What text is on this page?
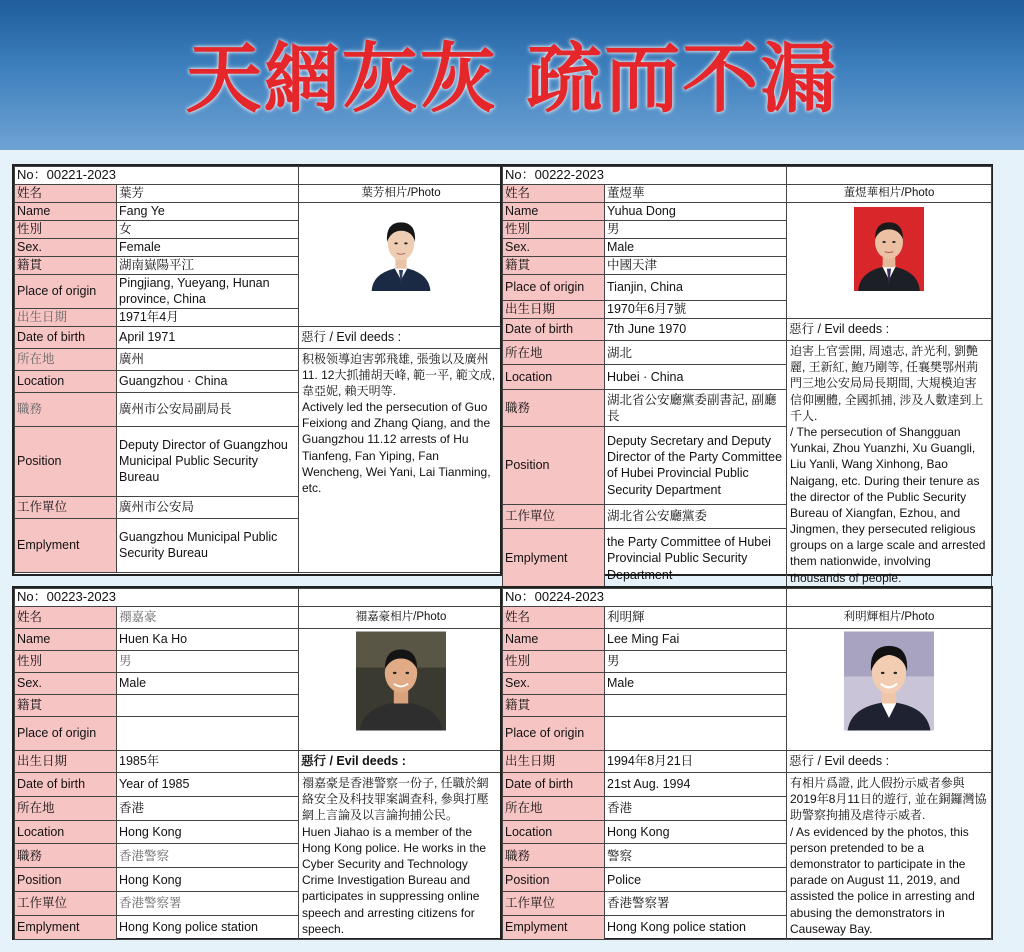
天網灰灰 疏而不漏
No：00221-2023		
姓名	葉芳	葉芳相片/Photo
Name	Fang Ye	
性別	女	
Sex.	Female	
籍貫	湖南嶽陽平江	
Place of origin	Pingjiang, Yueyang, Hunan province, China	
出生日期	1971年4月	
Date of birth	April 1971	惡行 / Evil deeds :
所在地	廣州	积极领導迫害郭飛雄, 張強以及廣州11. 12大抓捕胡天峰, 範一平, 範文成, 韋亞妮, 賴天明等.
Actively led the persecution of Guo Feixiong and Zhang Qiang, and the Guangzhou 11.12 arrests of Hu Tianfeng, Fan Yiping, Fan Wencheng, Wei Yani, Lai Tianming, etc.

Location	Guangzhou · China	
職務	廣州市公安局副局長	
Position	Deputy Director of Guangzhou Municipal Public Security Bureau	
工作單位	廣州市公安局	
Emplyment	Guangzhou Municipal Public Security Bureau	
No：00222-2023		
姓名	董煜華	董煜華相片/Photo
Name	Yuhua Dong	
性別	男	
Sex.	Male	
籍貫	中國天津	
Place of origin	Tianjin, China	
出生日期	1970年6月7號	
Date of birth	7th June 1970	惡行 / Evil deeds :
所在地	湖北	迫害上官雲開, 周遠志, 許光利, 劉艷麗, 王新紅, 鮑乃剛等, 任襄樊鄂州荊門三地公安局局長期間, 大規模迫害信仰團體, 全國抓捕, 涉及人數達到上千人.
/ The persecution of Shangguan Yunkai, Zhou Yuanzhi, Xu Guangli, Liu Yanli, Wang Xinhong, Bao Naigang, etc. During their tenure as the director of the Public Security Bureau of Xiangfan, Ezhou, and Jingmen, they persecuted religious groups on a large scale and arrested them nationwide, involving thousands of people.

Location	Hubei · China	
職務	湖北省公安廳黨委副書記, 副廳長	
Position	Deputy Secretary and Deputy Director of the Party Committee of Hubei Provincial Public Security Department	
工作單位	湖北省公安廳黨委	
Emplyment	the Party Committee of Hubei Provincial Public Security Department	
No：00223-2023		
姓名	禤嘉豪	禤嘉豪相片/Photo
Name	Huen Ka Ho	
性別	男	
Sex.	Male	
籍貫		
Place of origin		
出生日期	1985年	惡行 / Evil deeds :
Date of birth	Year of 1985	禤嘉豪是香港警察一份子, 任職於網絡安全及科技罪案調查科, 參與打壓網上言論及以言論拘捕公民。
Huen Jiahao is a member of the Hong Kong police. He works in the Cyber Security and Technology Crime Investigation Bureau and participates in suppressing online speech and arresting citizens for speech.

所在地	香港	
Location	Hong Kong	
職務	香港警察	
Position	Hong Kong	
工作單位	香港警察署	
Emplyment	Hong Kong police station	
No：00224-2023		
姓名	利明輝	利明輝相片/Photo
Name	Lee Ming Fai	
性別	男	
Sex.	Male	
籍貫		
Place of origin		
出生日期	1994年8月21日	惡行 / Evil deeds :
Date of birth	21st Aug. 1994	有相片爲證, 此人假扮示威者參與2019年8月11日的遊行, 並在銅鑼灣協助警察拘捕及虐待示威者.
/ As evidenced by the photos, this person pretended to be a demonstrator to participate in the parade on August 11, 2019, and assisted the police in arresting and abusing the demonstrators in Causeway Bay.

所在地	香港	
Location	Hong Kong	
職務	警察	
Position	Police	
工作單位	香港警察署	
Emplyment	Hong Kong police station	
